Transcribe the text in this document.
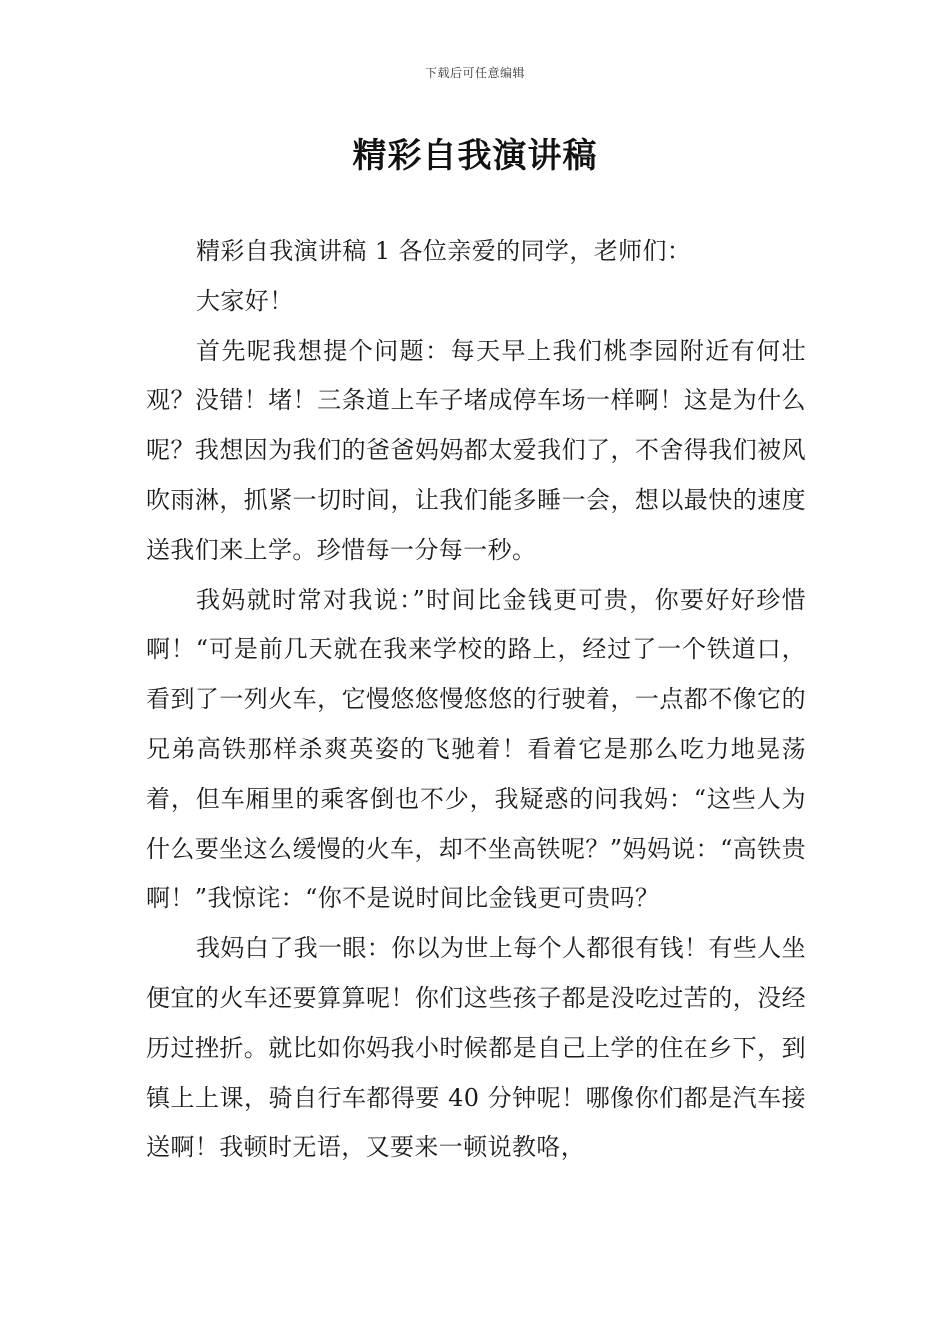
下载后可任意编辑
精彩自我演讲稿

精彩自我演讲稿 1 各位亲爱的同学，老师们：

大家好！

首先呢我想提个问题：每天早上我们桃李园附近有何壮观？没错！堵！三条道上车子堵成停车场一样啊！这是为什么呢？我想因为我们的爸爸妈妈都太爱我们了，不舍得我们被风吹雨淋，抓紧一切时间，让我们能多睡一会，想以最快的速度送我们来上学。珍惜每一分每一秒。

我妈就时常对我说：”时间比金钱更可贵，你要好好珍惜啊！“可是前几天就在我来学校的路上，经过了一个铁道口，看到了一列火车，它慢悠悠慢悠悠的行驶着，一点都不像它的兄弟高铁那样杀爽英姿的飞驰着！看着它是那么吃力地晃荡着，但车厢里的乘客倒也不少，我疑惑的问我妈：“这些人为什么要坐这么缓慢的火车，却不坐高铁呢？”妈妈说：“高铁贵啊！”我惊诧：“你不是说时间比金钱更可贵吗？

我妈白了我一眼：你以为世上每个人都很有钱！有些人坐便宜的火车还要算算呢！你们这些孩子都是没吃过苦的，没经历过挫折。就比如你妈我小时候都是自己上学的住在乡下，到镇上上课，骑自行车都得要 40 分钟呢！哪像你们都是汽车接送啊！我顿时无语，又要来一顿说教咯，
